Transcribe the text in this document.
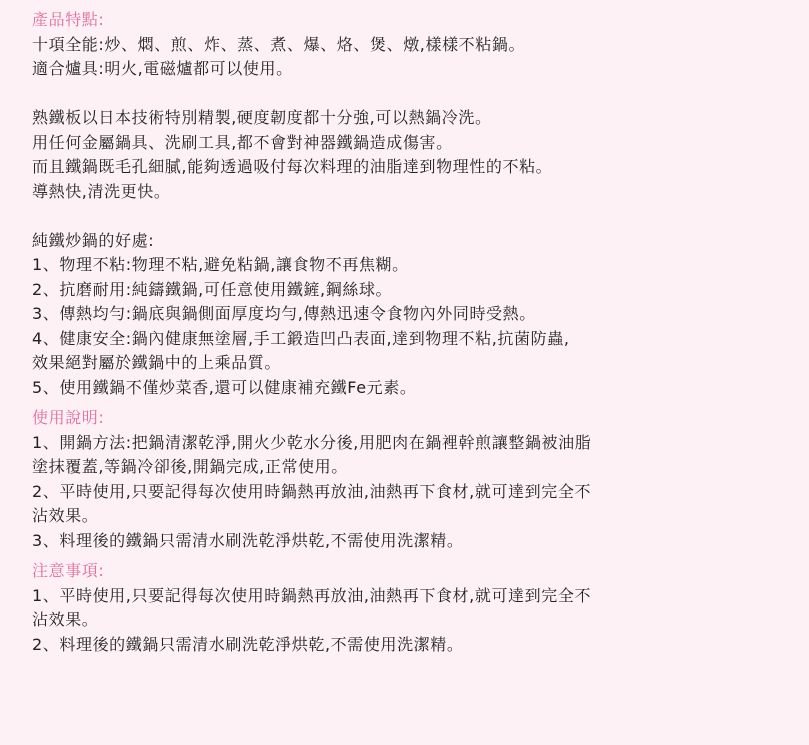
產品特點:
十項全能:炒、燜、煎、炸、蒸、煮、爆、烙、煲、燉,樣樣不粘鍋。
適合爐具:明火,電磁爐都可以使用。
熟鐵板以日本技術特別精製,硬度韌度都十分強,可以熱鍋冷洗。
用任何金屬鍋具、洗刷工具,都不會對神器鐵鍋造成傷害。
而且鐵鍋既毛孔細膩,能夠透過吸付每次料理的油脂達到物理性的不粘。
導熱快,清洗更快。
純鐵炒鍋的好處:
1、物理不粘:物理不粘,避免粘鍋,讓食物不再焦糊。
2、抗磨耐用:純鑄鐵鍋,可任意使用鐵鏟,鋼絲球。
3、傳熱均勻:鍋底與鍋側面厚度均勻,傳熱迅速令食物內外同時受熱。
4、健康安全:鍋內健康無塗層,手工鍛造凹凸表面,達到物理不粘,抗菌防蟲,
效果絕對屬於鐵鍋中的上乘品質。
5、使用鐵鍋不僅炒菜香,還可以健康補充鐵Fe元素。
使用說明:
1、開鍋方法:把鍋清潔乾淨,開火少乾水分後,用肥肉在鍋裡幹煎讓整鍋被油脂
塗抹覆蓋,等鍋冷卻後,開鍋完成,正常使用。
2、平時使用,只要記得每次使用時鍋熱再放油,油熱再下食材,就可達到完全不
沾效果。
3、料理後的鐵鍋只需清水刷洗乾淨烘乾,不需使用洗潔精。
注意事項:
1、平時使用,只要記得每次使用時鍋熱再放油,油熱再下食材,就可達到完全不
沾效果。
2、料理後的鐵鍋只需清水刷洗乾淨烘乾,不需使用洗潔精。
